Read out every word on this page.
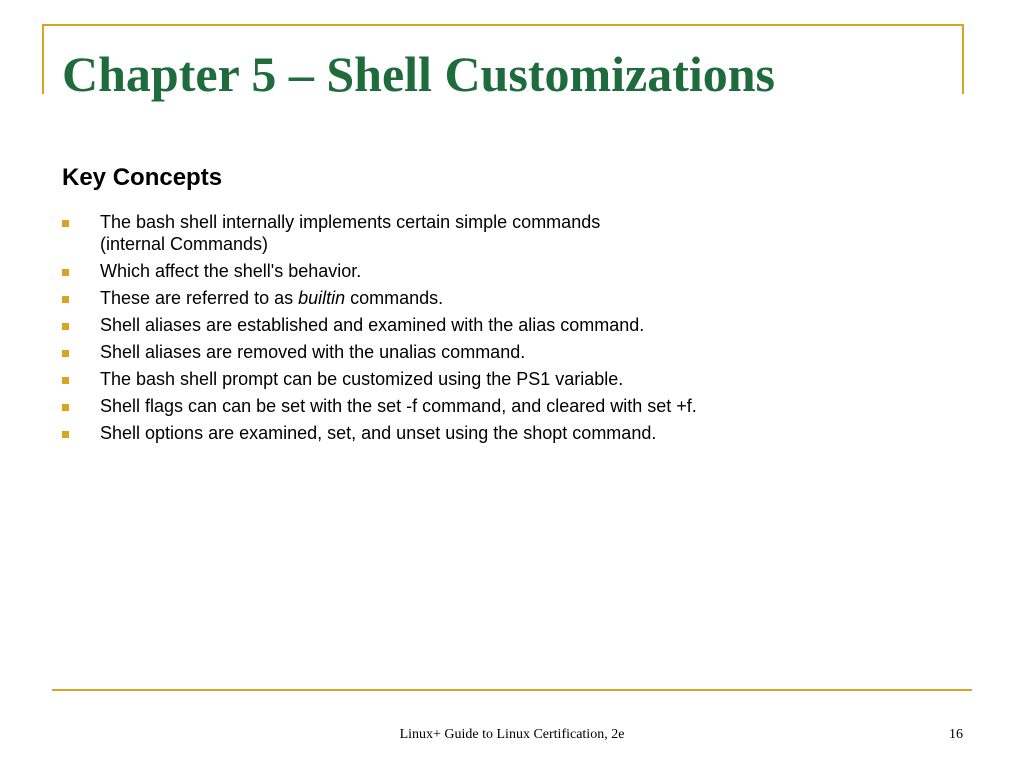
Chapter 5 – Shell Customizations
Key Concepts
The bash shell internally implements certain simple commands
(internal Commands)
Which affect the shell's behavior.
These are referred to as builtin commands.
Shell aliases are established and examined with the alias command.
Shell aliases are removed with the unalias command.
The bash shell prompt can be customized using the PS1 variable.
Shell flags can can be set with the set -f command, and cleared with set +f.
Shell options are examined, set, and unset using the shopt command.
Linux+ Guide to Linux Certification, 2e	16
